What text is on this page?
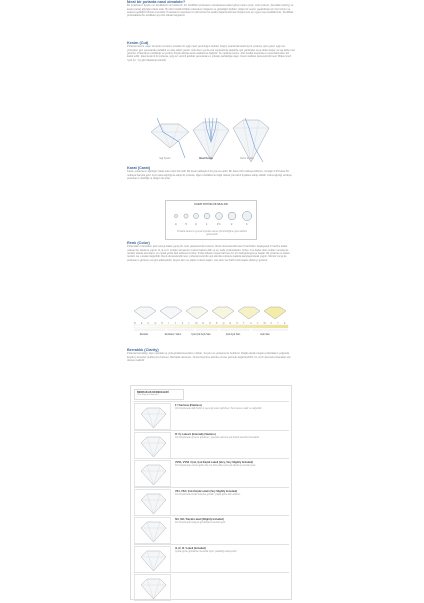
İdeal bir pırlanta nasıl olmalıdır?

Bir pırlantanın fiyatını ve özelliklerini 4c belirlerdi. 4C özellikleri pırlantanın uluslararası kabul gören kesim (cut), renk (colour), berraklık (clarity) ve karat (carat) ağırlığını ifade eder. Bu dört özellik birlikte pırlantanın değerini ve güzelliğini belirler; doğru bir seçim yapabilmek için her birinin ne anlama geldiğini bilmek önemlidir. Pırlantanızı seçerken bu dört kriteri bir arada değerlendirerek ihtiyacınıza en uygun taşı bulabilirsiniz. Sertifikalı pırlantalarda bu özellikler ayrıntılı olarak belgelenir.

Kesim (Cut)

Pırlanta kesimi, taşın simetrisi ve kesim oranları ile ışığı nasıl yansıttığını belirler. Doğru oranlarda kesilmiş bir pırlanta, içine giren ışığı üst yüzeyden geri yansıtarak parlaklık ve ateş etkisi yaratır. Çok derin ya da çok sığ kesilmiş taşlarda ışık yanlardan veya alttan kaçar ve taş daha mat görünür. Pırlantanın parlaklığı ve pırıltısı büyük ölçüde kesim kalitesine bağlıdır; bu nedenle kesim, dört özellik arasında en önemlilerinden biri kabul edilir. İdeal kesimli bir pırlanta, ışığı en verimli şekilde yansıtarak en yüksek parlaklığa ulaşır. Kesim kalitesi derecelendirmesi 'Mükemmel', 'Çok İyi', 'İyi' gibi ifadelerle belirtilir.

Sığ Kesim	İdeal Kesim	Derin Kesim
Karat (Carat)

Karat, pırlantanın ağırlığını ifade eden ölçü birimidir. Bir karat yaklaşık 0,20 grama eşittir. Bir karat 100 noktaya bölünür; örneğin 0,50 karat 50 noktaya karşılık gelir. Aynı karat ağırlığına sahip iki pırlanta, diğer özelliklerine bağlı olarak çok farklı fiyatlara sahip olabilir. Karat ağırlığı arttıkça pırlantanın nadirliği ve değeri de artar.

KARAT BÜYÜKLÜK SKALASI
¼	½	¾	1	1½	2	3
Pırlanta karatının gerçek boyutları ekran çözünürlüğüne göre farklılık gösterebilir
Renk (Color)

Pırlantalar renksizden açık sarıya kadar geniş bir renk yelpazesinde bulunur. Renk derecelendirmesi D harfinden başlayarak Z harfine kadar uzanan bir skala ile yapılır. D, E ve F renkleri tamamen renksiz kabul edilir ve en nadir pırlantalardır. G'den J'ye kadar olan renkler neredeyse renksiz olarak tanımlanır ve çıplak gözle fark edilmesi zordur. K'dan itibaren taşta hafif sarı bir ton belirginleşmeye başlar. Bir pırlanta ne kadar renksiz ise o kadar değerlidir. Renk derecelendirmesi, pırlanta kontrollü ışık altında referans taşlarla karşılaştırılarak yapılır. Montür rengi de pırlantanın görünen rengini etkileyebilir; beyaz altın ve platin renksiz taşları, sarı altın ise hafif renkli taşları daha iyi gösterir.

D E F G H I	J K L M N O P Q R S T U V W X Y Z
Renksiz	Renksize Yakın	Çok Çok Açık Sarı	Çok Açık Sarı	Açık Sarı
Berraklık (Clarity)

Pırlanta berraklığı, taşın içindeki ve yüzeyindeki kusurların miktarı, boyutu ve yerleşimi ile belirlenir. Doğal olarak oluşan pırlantaların çoğunda küçük iç kusurlar (inklüzyon) bulunur. Berraklık derecesi, 10 kat büyütme altında uzman gözüyle değerlendirilir. FL ve IF dereceli pırlantalar son derece nadirdir.

BERRAKLIK DERECELERİ
(10x Büyütme Altında)
F / Fantome (Flawless)
10x büyütmede dahi hiçbir iç veya dış kusur görülmez. Son derece nadir ve değerlidir.
IF / İç Lekesiz (Internally Flawless)
10x büyütmede iç kusur görülmez, yüzeyde yalnızca çok küçük kusurlar bulunabilir.
VVS1, VVS2 / Çok, Çok Küçük Lekeli (Very, Very Slightly Included)
10x büyütmede uzman gözle bile zor fark edilen çok çok küçük iç kusurlar içerir.
VS1, VS2 / Çok Küçük Lekeli (Very Slightly Included)
10x büyütmede küçük kusurlar görülür, çıplak gözle fark edilmez.
SI1, SI2 / Küçük Lekeli (Slightly Included)
10x büyütmede kolayca görülebilen kusurlar içerir.
I1, I2, I3 / Lekeli (Included)
Çıplak gözle görülebilen kusurlar içerir; parlaklığı etkileyebilir.
